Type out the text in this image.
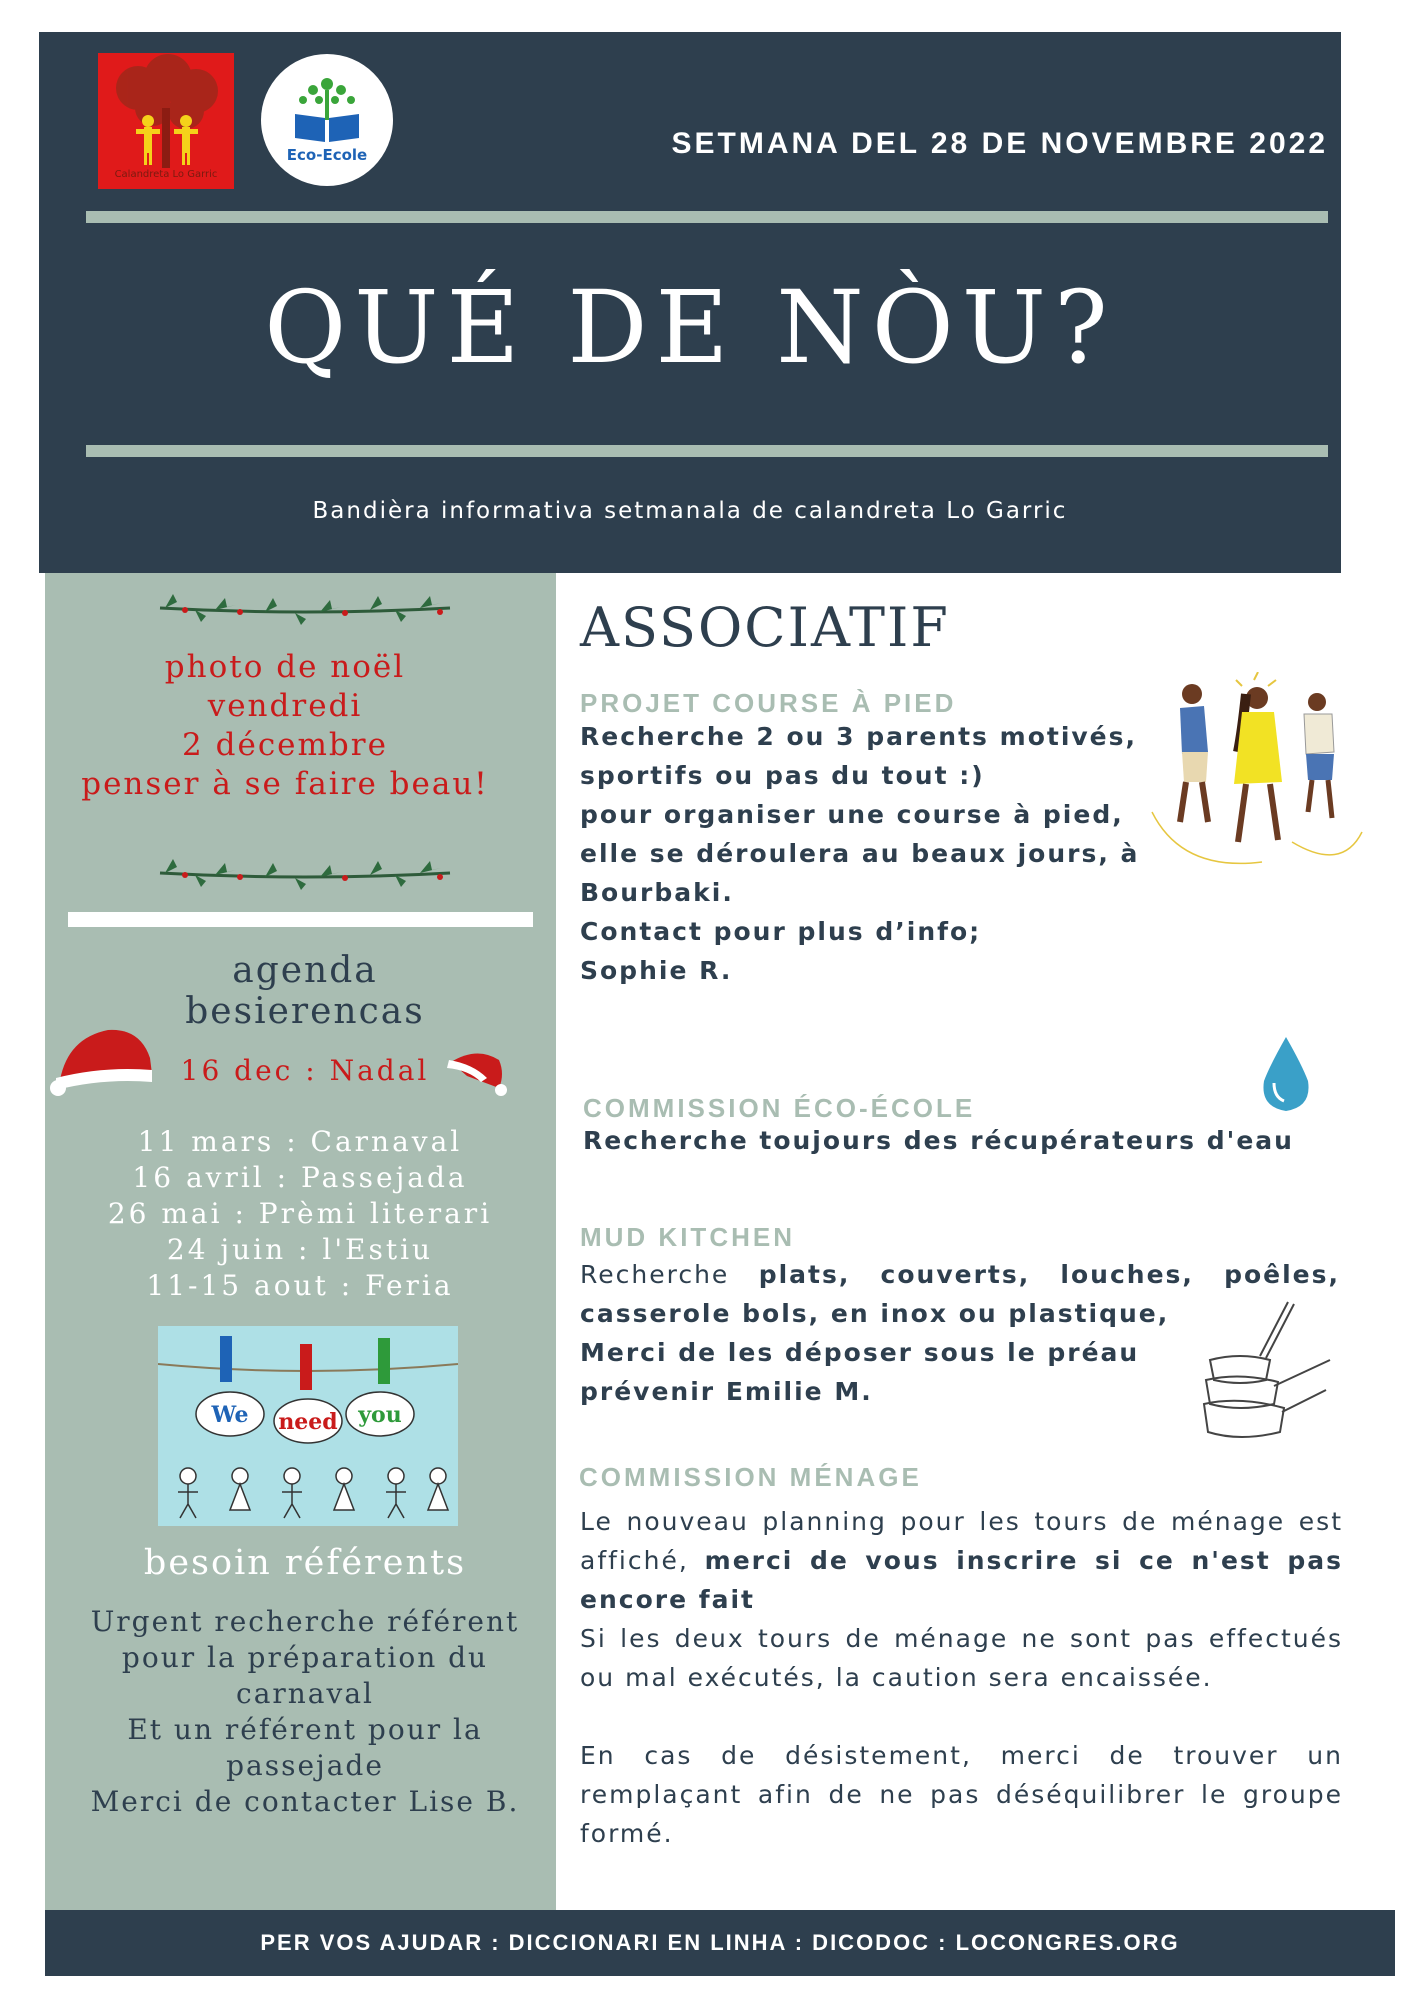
Calandreta Lo Garric
Eco-Ecole	SETMANA DEL 28 DE NOVEMBRE 2022
QUÉ DE NÒU?
Bandièra informativa setmanala de calandreta Lo Garric
photo de noël
vendredi
2 décembre
penser à se faire beau!
agenda
besierencas
16 dec : Nadal
11 mars : Carnaval
16 avril : Passejada
26 mai : Prèmi literari
24 juin : l'Estiu
11-15 aout : Feria
We need you
besoin référents
Urgent recherche référent pour la préparation du carnaval
Et un référent pour la passejade
Merci de contacter Lise B.
ASSOCIATIF
PROJET COURSE À PIED
Recherche 2 ou 3 parents motivés,
sportifs ou pas du tout :)
pour organiser une course à pied,
elle se déroulera au beaux jours, à
Bourbaki.
Contact pour plus d’info;
Sophie R.
COMMISSION ÉCO-ÉCOLE
Recherche toujours des récupérateurs d'eau
MUD KITCHEN
Recherche plats, couverts, louches, poêles,
casserole bols, en inox ou plastique,
Merci de les déposer sous le préau
prévenir Emilie M.
COMMISSION MÉNAGE

Le nouveau planning pour les tours de ménage est affiché, merci de vous inscrire si ce n'est pas encore fait

Si les deux tours de ménage ne sont pas effectués ou mal exécutés, la caution sera encaissée.

En cas de désistement, merci de trouver un remplaçant afin de ne pas déséquilibrer le groupe formé.

PER VOS AJUDAR : DICCIONARI EN LINHA : DICODOC : LOCONGRES.ORG
